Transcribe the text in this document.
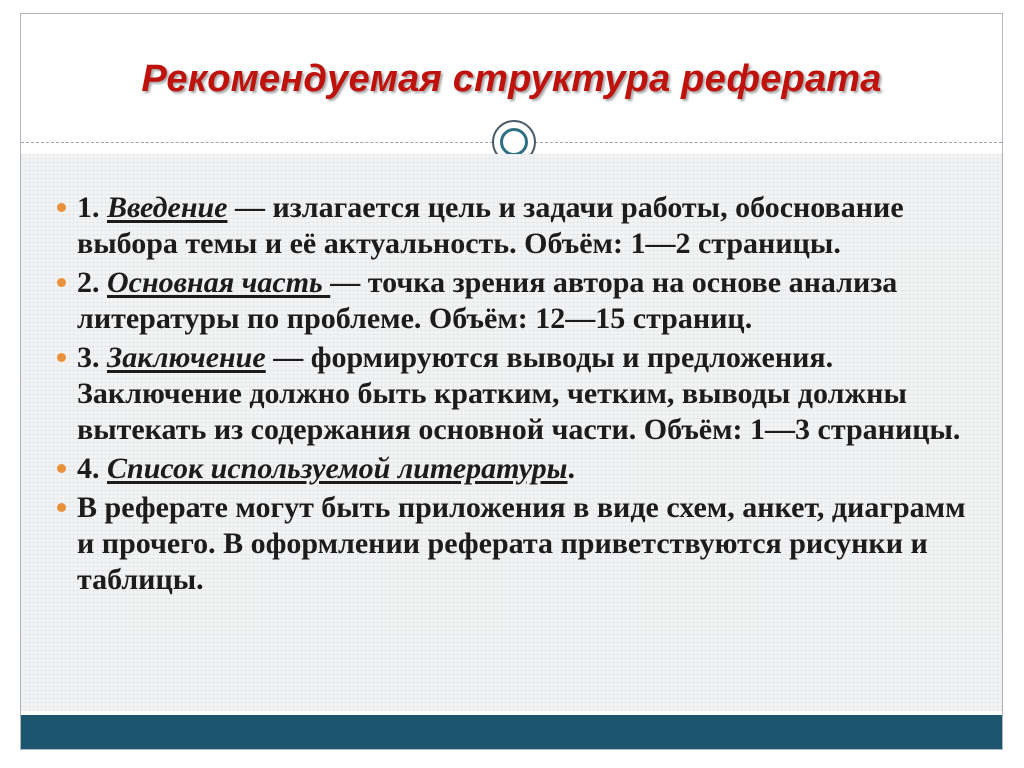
Рекомендуемая структура реферата
1. Введение — излагается цель и задачи работы, обоснование выбора темы и её актуальность. Объём: 1—2 страницы.
2. Основная часть — точка зрения автора на основе анализа литературы по проблеме. Объём: 12—15 страниц.
3. Заключение — формируются выводы и предложения. Заключение должно быть кратким, четким, выводы должны вытекать из содержания основной части. Объём: 1—3 страницы.
4. Список используемой литературы.
В реферате могут быть приложения в виде схем, анкет, диаграмм и прочего. В оформлении реферата приветствуются рисунки и таблицы.
